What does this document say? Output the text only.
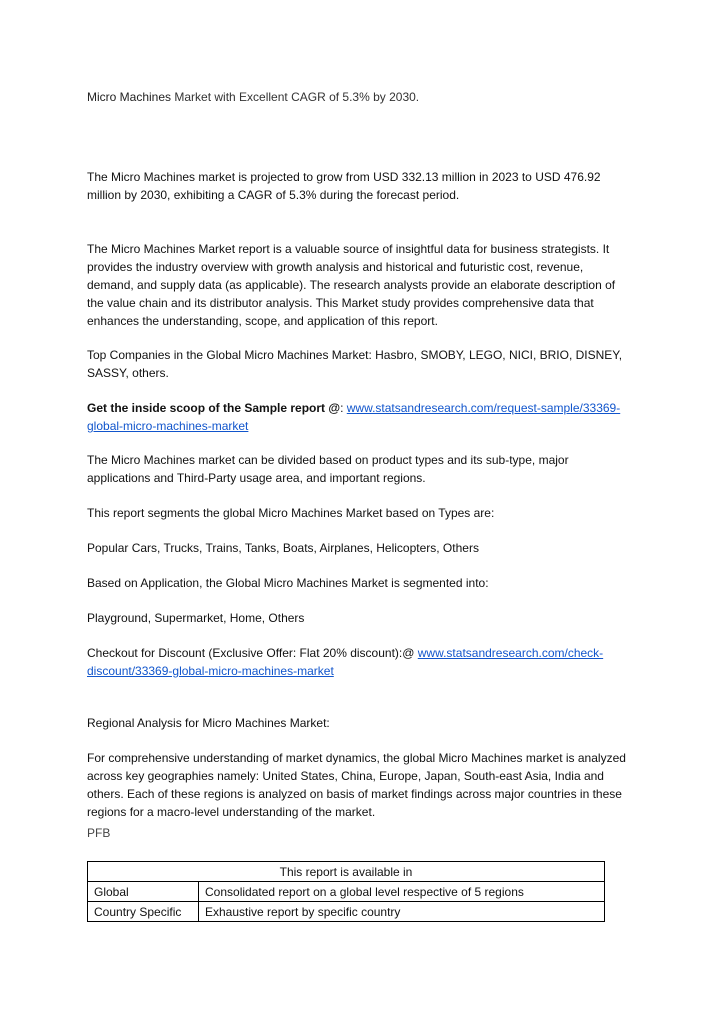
Micro Machines Market with Excellent CAGR of 5.3% by 2030.

The Micro Machines market is projected to grow from USD 332.13 million in 2023 to USD 476.92 million by 2030, exhibiting a CAGR of 5.3% during the forecast period.

The Micro Machines Market report is a valuable source of insightful data for business strategists. It provides the industry overview with growth analysis and historical and futuristic cost, revenue, demand, and supply data (as applicable). The research analysts provide an elaborate description of the value chain and its distributor analysis. This Market study provides comprehensive data that enhances the understanding, scope, and application of this report.

Top Companies in the Global Micro Machines Market: Hasbro, SMOBY, LEGO, NICI, BRIO, DISNEY, SASSY, others.

Get the inside scoop of the Sample report @: www.statsandresearch.com/request-sample/33369-global-micro-machines-market

The Micro Machines market can be divided based on product types and its sub-type, major applications and Third-Party usage area, and important regions.

This report segments the global Micro Machines Market based on Types are:

Popular Cars, Trucks, Trains, Tanks, Boats, Airplanes, Helicopters, Others

Based on Application, the Global Micro Machines Market is segmented into:

Playground, Supermarket, Home, Others

Checkout for Discount (Exclusive Offer: Flat 20% discount):@ www.statsandresearch.com/check-discount/33369-global-micro-machines-market

Regional Analysis for Micro Machines Market:

For comprehensive understanding of market dynamics, the global Micro Machines market is analyzed across key geographies namely: United States, China, Europe, Japan, South-east Asia, India and others. Each of these regions is analyzed on basis of market findings across major countries in these regions for a macro-level understanding of the market.

PFB
This report is available in	
Global	Consolidated report on a global level respective of 5 regions
Country Specific	Exhaustive report by specific country
